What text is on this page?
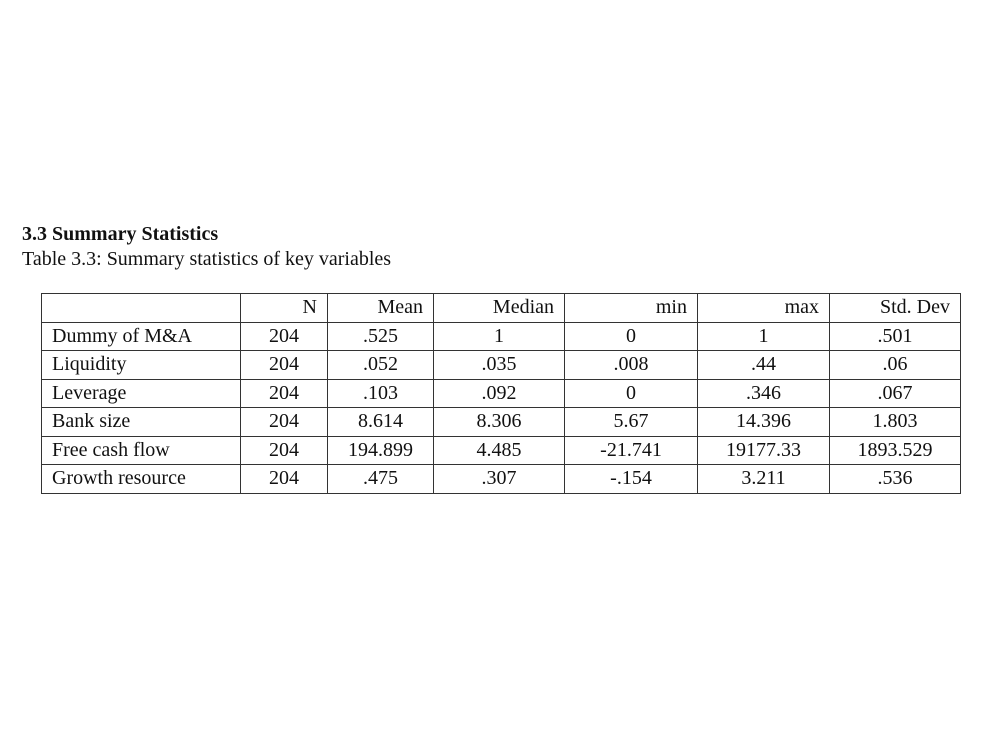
3.3 Summary Statistics
Table 3.3: Summary statistics of key variables
	N	Mean	Median	min	max	Std. Dev
Dummy of M&A	204	.525	1	0	1	.501
Liquidity	204	.052	.035	.008	.44	.06
Leverage	204	.103	.092	0	.346	.067
Bank size	204	8.614	8.306	5.67	14.396	1.803
Free cash flow	204	194.899	4.485	-21.741	19177.33	1893.529
Growth resource	204	.475	.307	-.154	3.211	.536
